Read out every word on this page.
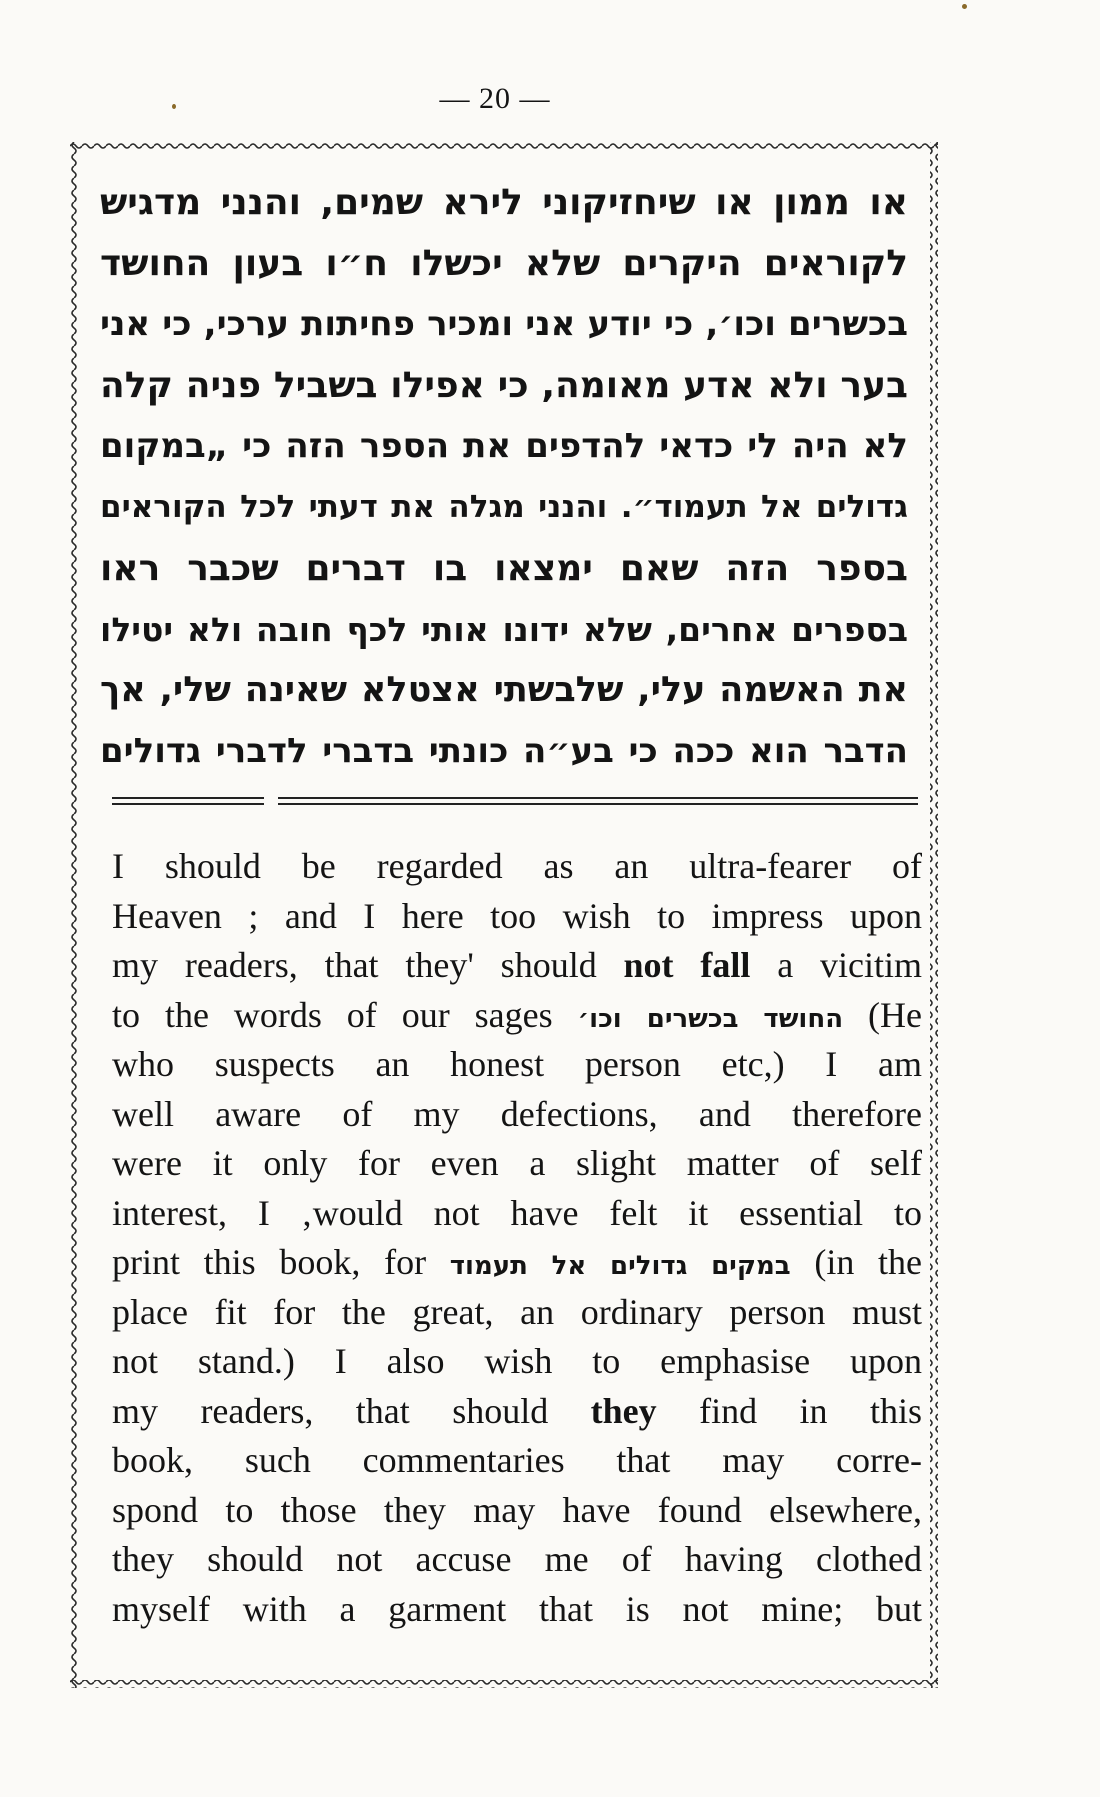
— 20 —
או ממון או שיחזיקוני לירא שמים, והנני מדגיש
לקוראים היקרים שלא יכשלו ח״ו בעון החושד
בכשרים וכו׳, כי יודע אני ומכיר פחיתות ערכי, כי אני
בער ולא אדע מאומה, כי אפילו בשביל פניה קלה
לא היה לי כדאי להדפים את הספר הזה כי „במקום
גדולים אל תעמוד״. והנני מגלה את דעתי לכל הקוראים
בספר הזה שאם ימצאו בו דברים שכבר ראו
בספרים אחרים, שלא ידונו אותי לכף חובה ולא יטילו
את האשמה עלי, שלבשתי אצטלא שאינה שלי, אך
הדבר הוא ככה כי בע״ה כונתי בדברי לדברי גדולים
I should be regarded as an ultra-fearer of
Heaven ; and I here too wish to impress upon
my readers, that they' should not fall a vicitim
to the words of our sages החושד בכשרים וכו׳ (He
who suspects an honest person etc,) I am
well aware of my defections, and therefore
were it only for even a slight matter of self
interest, I ‚would not have felt it essential to
print this book, for במקים גדולים אל תעמוד (in the
place fit for the great, an ordinary person must
not stand.) I also wish to emphasise upon
my readers, that should they find in this
book, such commentaries that may corre-
spond to those they may have found elsewhere,
they should not accuse me of having clothed
myself with a garment that is not mine; but
